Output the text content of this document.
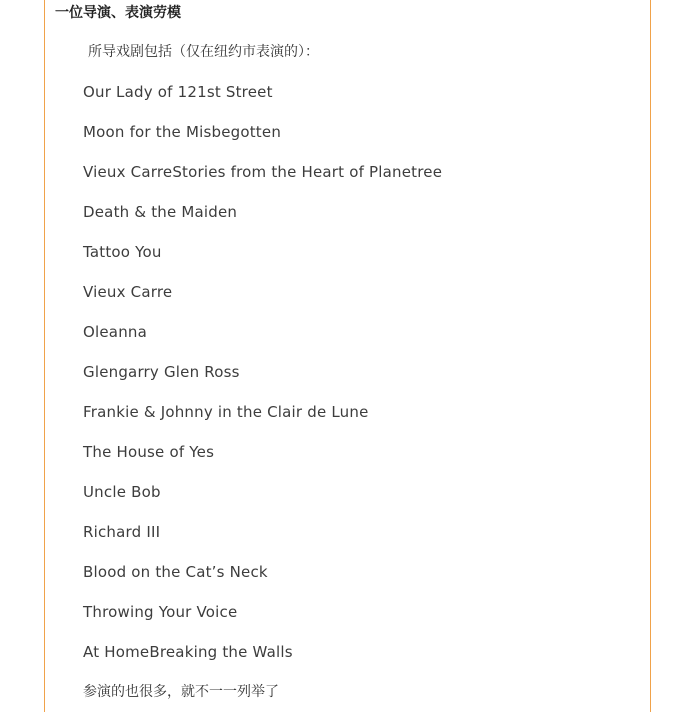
一位导演、表演劳模
所导戏剧包括（仅在纽约市表演的）：
Our Lady of 121st Street
Moon for the Misbegotten
Vieux CarreStories from the Heart of Planetree
Death & the Maiden
Tattoo You
Vieux Carre
Oleanna
Glengarry Glen Ross
Frankie & Johnny in the Clair de Lune
The House of Yes
Uncle Bob
Richard III
Blood on the Cat’s Neck
Throwing Your Voice
At HomeBreaking the Walls
参演的也很多，就不一一列举了
